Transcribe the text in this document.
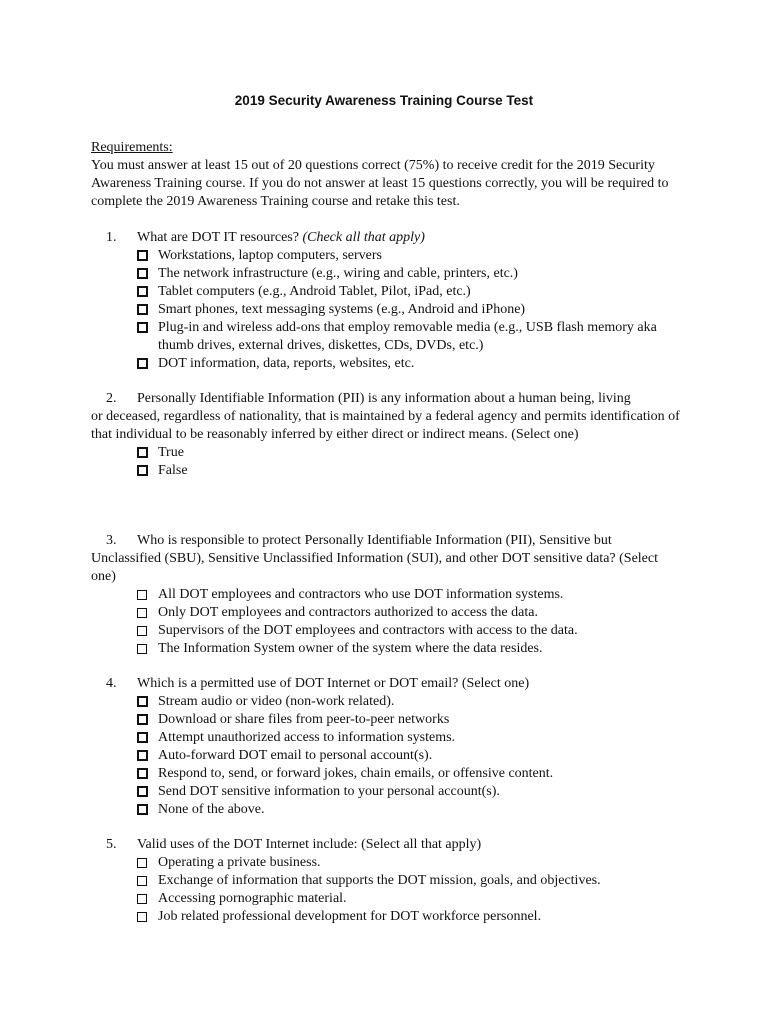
2019 Security Awareness Training Course Test
Requirements:
You must answer at least 15 out of 20 questions correct (75%) to receive credit for the 2019 Security Awareness Training course. If you do not answer at least 15 questions correctly, you will be required to complete the 2019 Awareness Training course and retake this test.
1.	What are DOT IT resources? (Check all that apply)
Workstations, laptop computers, servers
The network infrastructure (e.g., wiring and cable, printers, etc.)
Tablet computers (e.g., Android Tablet, Pilot, iPad, etc.)
Smart phones, text messaging systems (e.g., Android and iPhone)
Plug-in and wireless add-ons that employ removable media (e.g., USB flash memory aka thumb drives, external drives, diskettes, CDs, DVDs, etc.)
DOT information, data, reports, websites, etc.
2.	Personally Identifiable Information (PII) is any information about a human being, living
or deceased, regardless of nationality, that is maintained by a federal agency and permits identification of that individual to be reasonably inferred by either direct or indirect means. (Select one)
True
False
3.	Who is responsible to protect Personally Identifiable Information (PII), Sensitive but
Unclassified (SBU), Sensitive Unclassified Information (SUI), and other DOT sensitive data? (Select one)
All DOT employees and contractors who use DOT information systems.
Only DOT employees and contractors authorized to access the data.
Supervisors of the DOT employees and contractors with access to the data.
The Information System owner of the system where the data resides.
4.	Which is a permitted use of DOT Internet or DOT email? (Select one)
Stream audio or video (non-work related).
Download or share files from peer-to-peer networks
Attempt unauthorized access to information systems.
Auto-forward DOT email to personal account(s).
Respond to, send, or forward jokes, chain emails, or offensive content.
Send DOT sensitive information to your personal account(s).
None of the above.
5.	Valid uses of the DOT Internet include: (Select all that apply)
Operating a private business.
Exchange of information that supports the DOT mission, goals, and objectives.
Accessing pornographic material.
Job related professional development for DOT workforce personnel.
